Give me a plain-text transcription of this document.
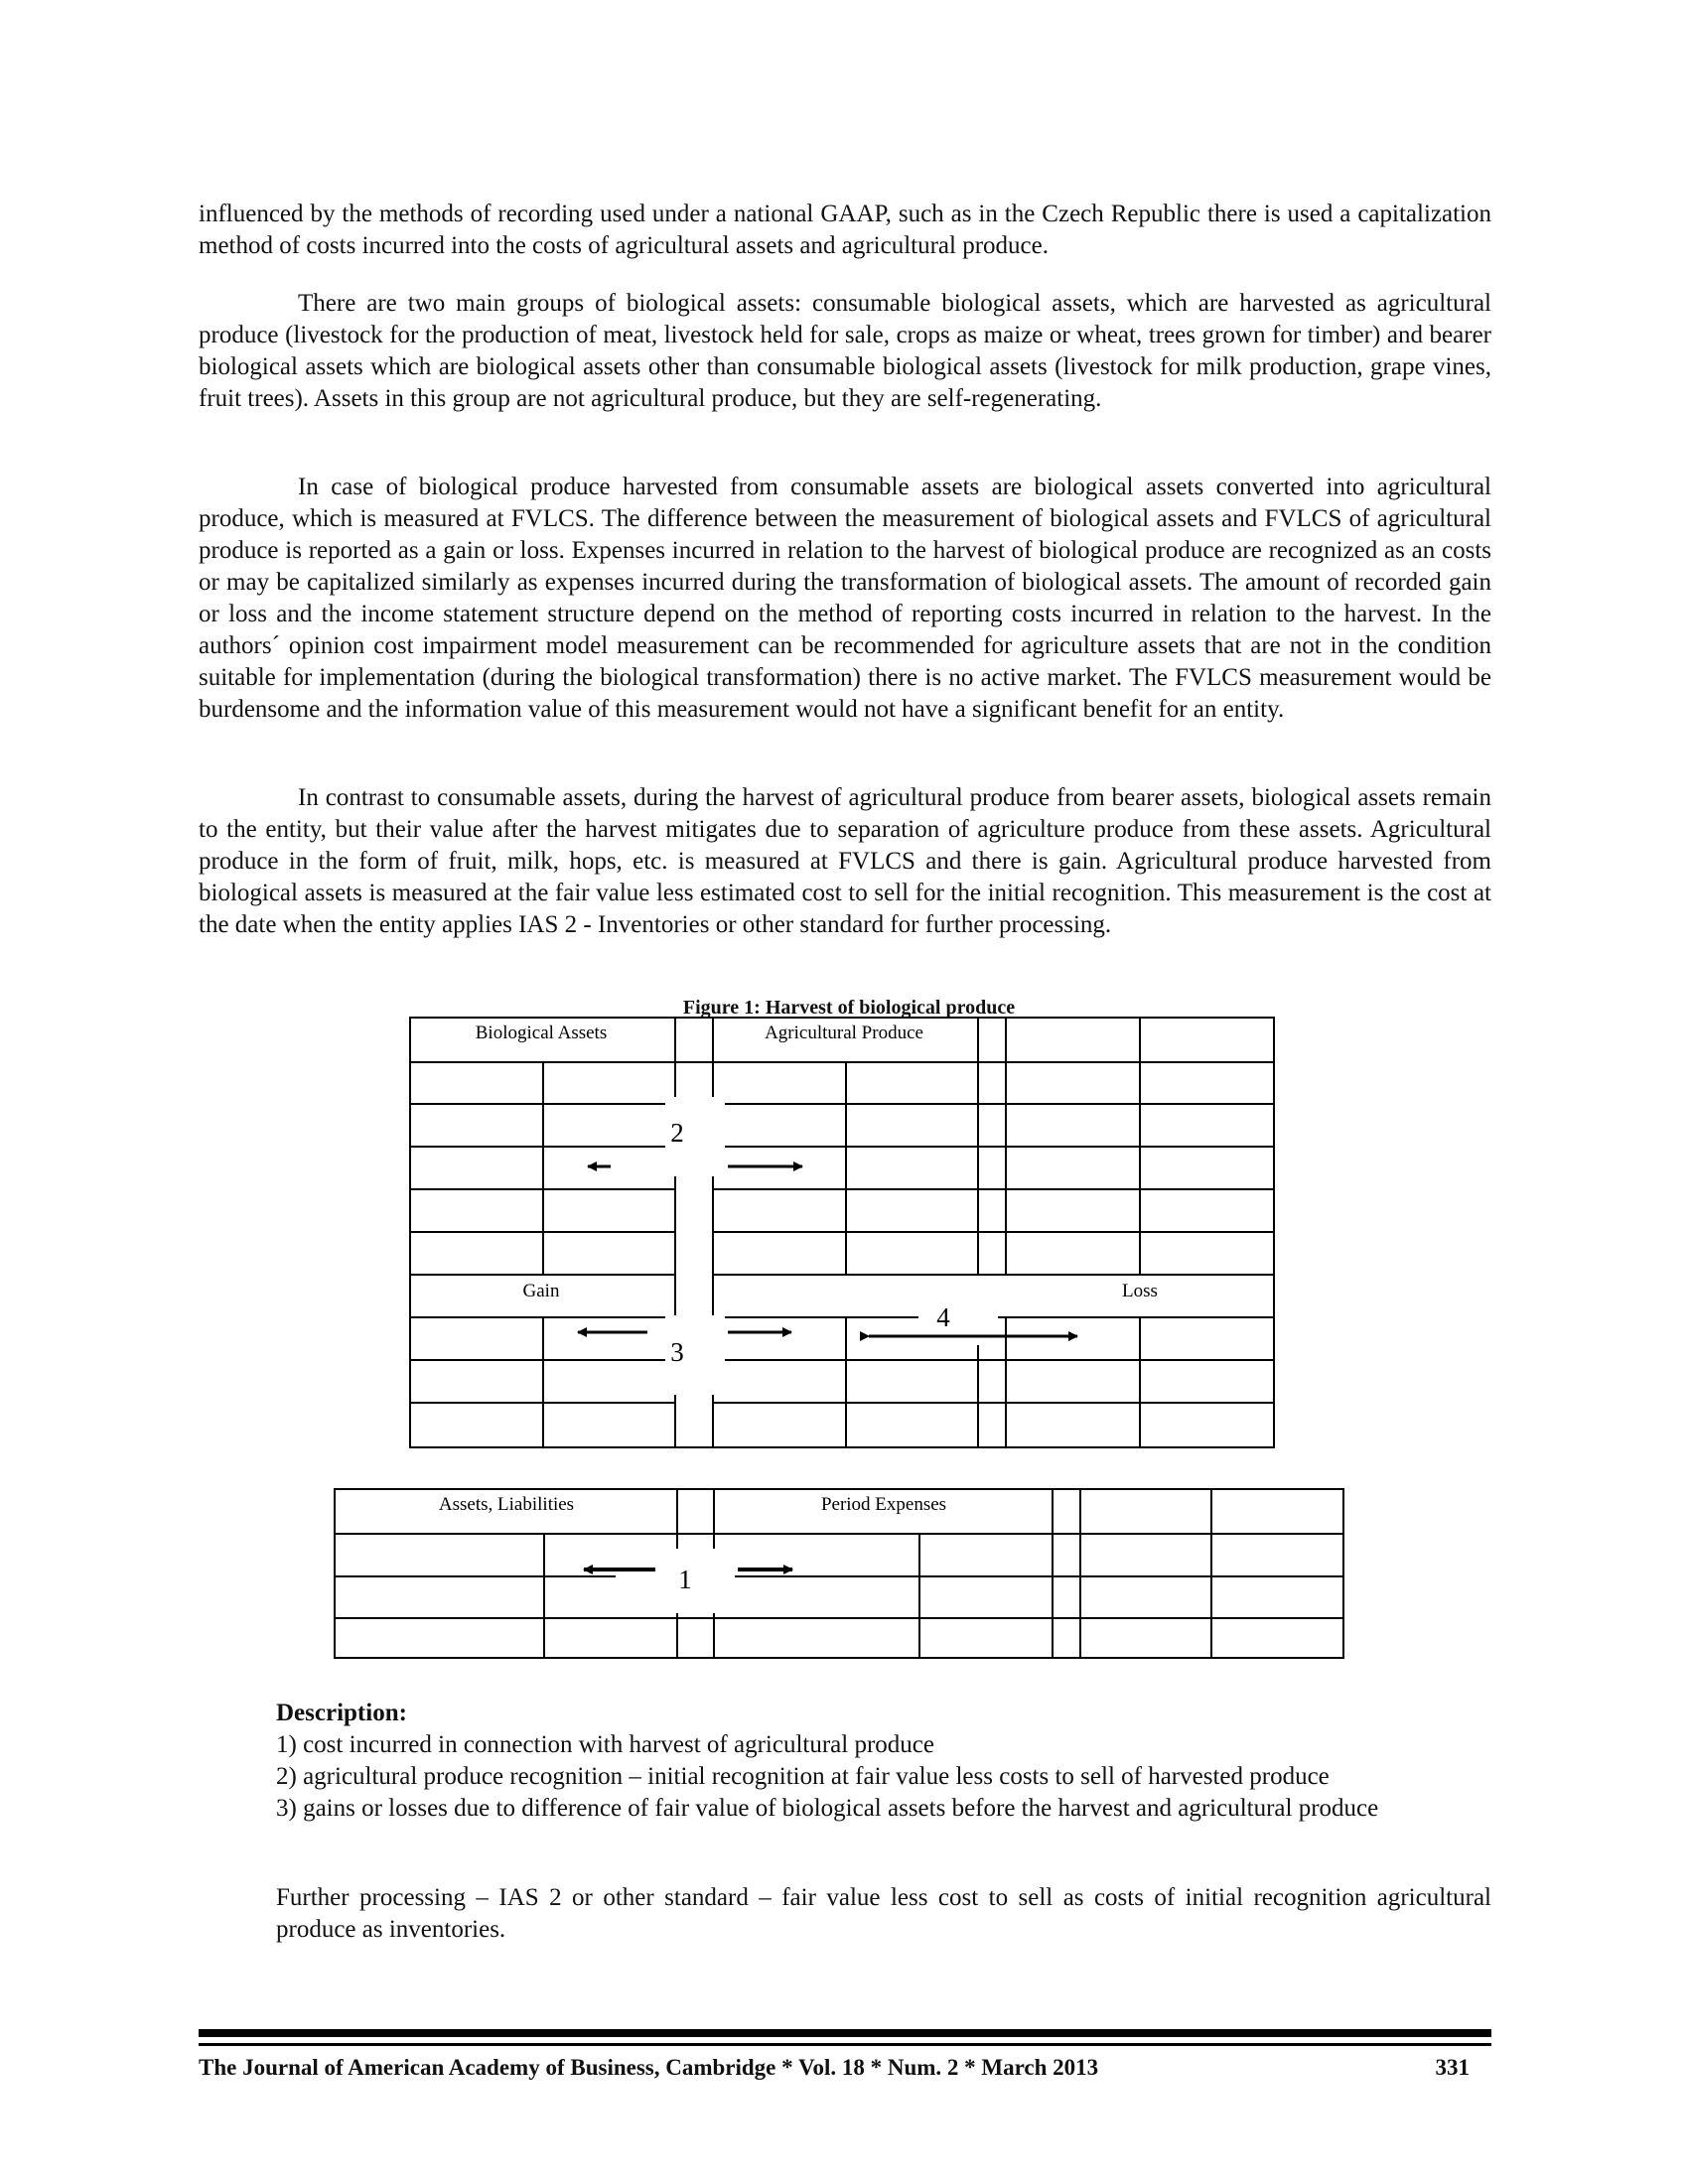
influenced by the methods of recording used under a national GAAP, such as in the Czech Republic there is used a capitalization method of costs incurred into the costs of agricultural assets and agricultural produce.

There are two main groups of biological assets: consumable biological assets, which are harvested as agricultural produce (livestock for the production of meat, livestock held for sale, crops as maize or wheat, trees grown for timber) and bearer biological assets which are biological assets other than consumable biological assets (livestock for milk production, grape vines, fruit trees). Assets in this group are not agricultural produce, but they are self-regenerating.

In case of biological produce harvested from consumable assets are biological assets converted into agricultural produce, which is measured at FVLCS. The difference between the measurement of biological assets and FVLCS of agricultural produce is reported as a gain or loss. Expenses incurred in relation to the harvest of biological produce are recognized as an costs or may be capitalized similarly as expenses incurred during the transformation of biological assets. The amount of recorded gain or loss and the income statement structure depend on the method of reporting costs incurred in relation to the harvest. In the authors´ opinion cost impairment model measurement can be recommended for agriculture assets that are not in the condition suitable for implementation (during the biological transformation) there is no active market. The FVLCS measurement would be burdensome and the information value of this measurement would not have a significant benefit for an entity.

In contrast to consumable assets, during the harvest of agricultural produce from bearer assets, biological assets remain to the entity, but their value after the harvest mitigates due to separation of agriculture produce from these assets. Agricultural produce in the form of fruit, milk, hops, etc. is measured at FVLCS and there is gain. Agricultural produce harvested from biological assets is measured at the fair value less estimated cost to sell for the initial recognition. This measurement is the cost at the date when the entity applies IAS 2 - Inventories or other standard for further processing.

Figure 1: Harvest of biological produce
Biological Assets	Agricultural Produce
Gain	Loss
2
3
4
Assets, Liabilities	Period Expenses
1

Description:

1) cost incurred in connection with harvest of agricultural produce

2) agricultural produce recognition – initial recognition at fair value less costs to sell of harvested produce

3) gains or losses due to difference of fair value of biological assets before the harvest and agricultural produce

Further processing – IAS 2 or other standard – fair value less cost to sell as costs of initial recognition agricultural produce as inventories.

The Journal of American Academy of Business, Cambridge * Vol. 18 * Num. 2 * March 2013	331
